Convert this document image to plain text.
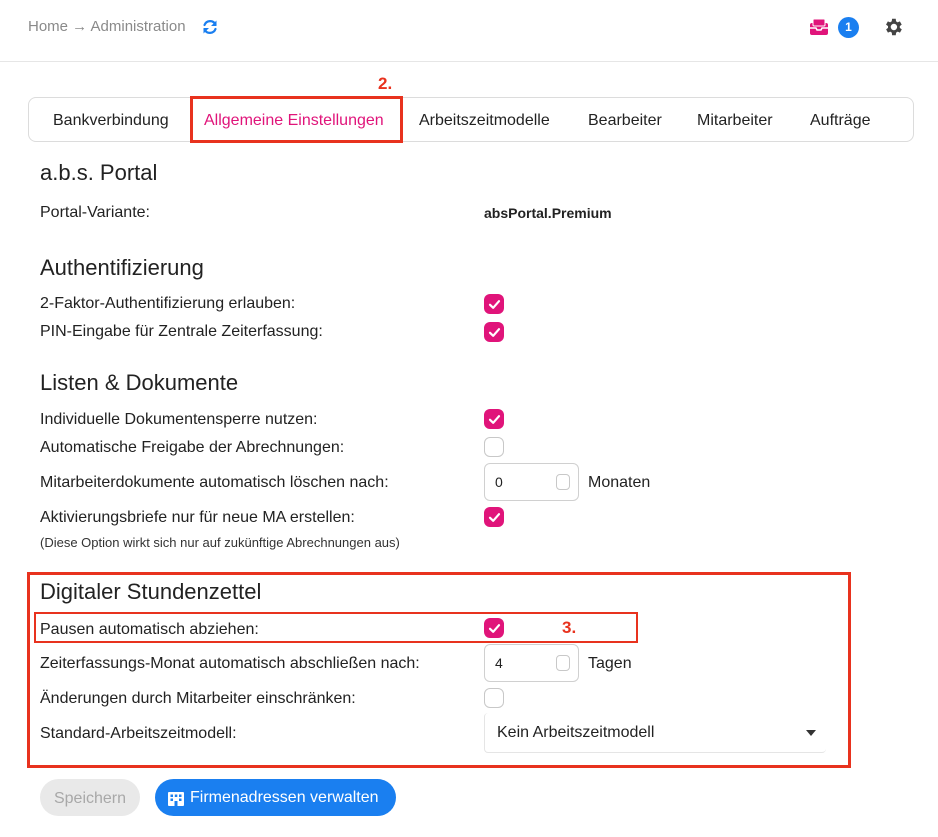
Home → Administration	1
2.
Bankverbindung Allgemeine Einstellungen Arbeitszeitmodelle Bearbeiter Mitarbeiter Aufträge
a.b.s. Portal
Portal-Variante:	absPortal.Premium
Authentifizierung
2-Faktor-Authentifizierung erlauben:
PIN-Eingabe für Zentrale Zeiterfassung:
Listen & Dokumente
Individuelle Dokumentensperre nutzen:
Automatische Freigabe der Abrechnungen:
Mitarbeiterdokumente automatisch löschen nach:	0	Monaten
Aktivierungsbriefe nur für neue MA erstellen:
(Diese Option wirkt sich nur auf zukünftige Abrechnungen aus)
Digitaler Stundenzettel
Pausen automatisch abziehen:	3.
Zeiterfassungs-Monat automatisch abschließen nach:	4	Tagen
Änderungen durch Mitarbeiter einschränken:
Standard-Arbeitszeitmodell:	Kein Arbeitszeitmodell
Speichern	Firmenadressen verwalten
